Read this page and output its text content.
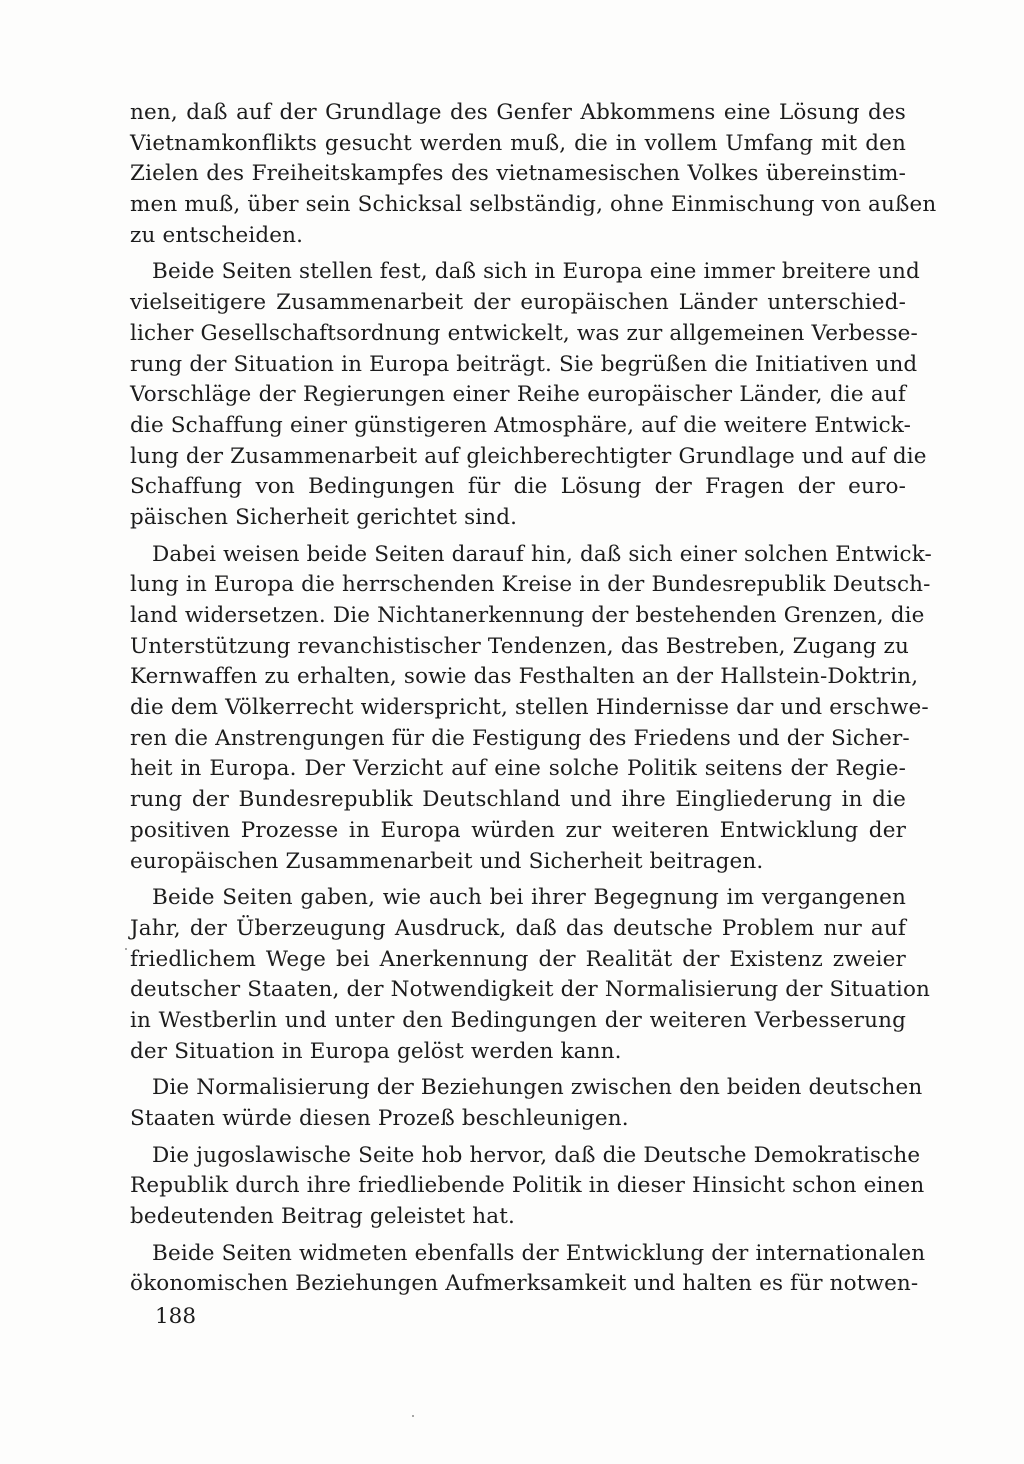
nen, daß auf der Grundlage des Genfer Abkommens eine Lösung des
Vietnamkonflikts gesucht werden muß, die in vollem Umfang mit den
Zielen des Freiheitskampfes des vietnamesischen Volkes übereinstim-
men muß, über sein Schicksal selbständig, ohne Einmischung von außen
zu entscheiden.
Beide Seiten stellen fest, daß sich in Europa eine immer breitere und
vielseitigere Zusammenarbeit der europäischen Länder unterschied-
licher Gesellschaftsordnung entwickelt, was zur allgemeinen Verbesse-
rung der Situation in Europa beiträgt. Sie begrüßen die Initiativen und
Vorschläge der Regierungen einer Reihe europäischer Länder, die auf
die Schaffung einer günstigeren Atmosphäre, auf die weitere Entwick-
lung der Zusammenarbeit auf gleichberechtigter Grundlage und auf die
Schaffung von Bedingungen für die Lösung der Fragen der euro-
päischen Sicherheit gerichtet sind.
Dabei weisen beide Seiten darauf hin, daß sich einer solchen Entwick-
lung in Europa die herrschenden Kreise in der Bundesrepublik Deutsch-
land widersetzen. Die Nichtanerkennung der bestehenden Grenzen, die
Unterstützung revanchistischer Tendenzen, das Bestreben, Zugang zu
Kernwaffen zu erhalten, sowie das Festhalten an der Hallstein-Doktrin,
die dem Völkerrecht widerspricht, stellen Hindernisse dar und erschwe-
ren die Anstrengungen für die Festigung des Friedens und der Sicher-
heit in Europa. Der Verzicht auf eine solche Politik seitens der Regie-
rung der Bundesrepublik Deutschland und ihre Eingliederung in die
positiven Prozesse in Europa würden zur weiteren Entwicklung der
europäischen Zusammenarbeit und Sicherheit beitragen.
Beide Seiten gaben, wie auch bei ihrer Begegnung im vergangenen
Jahr, der Überzeugung Ausdruck, daß das deutsche Problem nur auf
friedlichem Wege bei Anerkennung der Realität der Existenz zweier
deutscher Staaten, der Notwendigkeit der Normalisierung der Situation
in Westberlin und unter den Bedingungen der weiteren Verbesserung
der Situation in Europa gelöst werden kann.
Die Normalisierung der Beziehungen zwischen den beiden deutschen
Staaten würde diesen Prozeß beschleunigen.
Die jugoslawische Seite hob hervor, daß die Deutsche Demokratische
Republik durch ihre friedliebende Politik in dieser Hinsicht schon einen
bedeutenden Beitrag geleistet hat.
Beide Seiten widmeten ebenfalls der Entwicklung der internationalen
ökonomischen Beziehungen Aufmerksamkeit und halten es für notwen-
188
